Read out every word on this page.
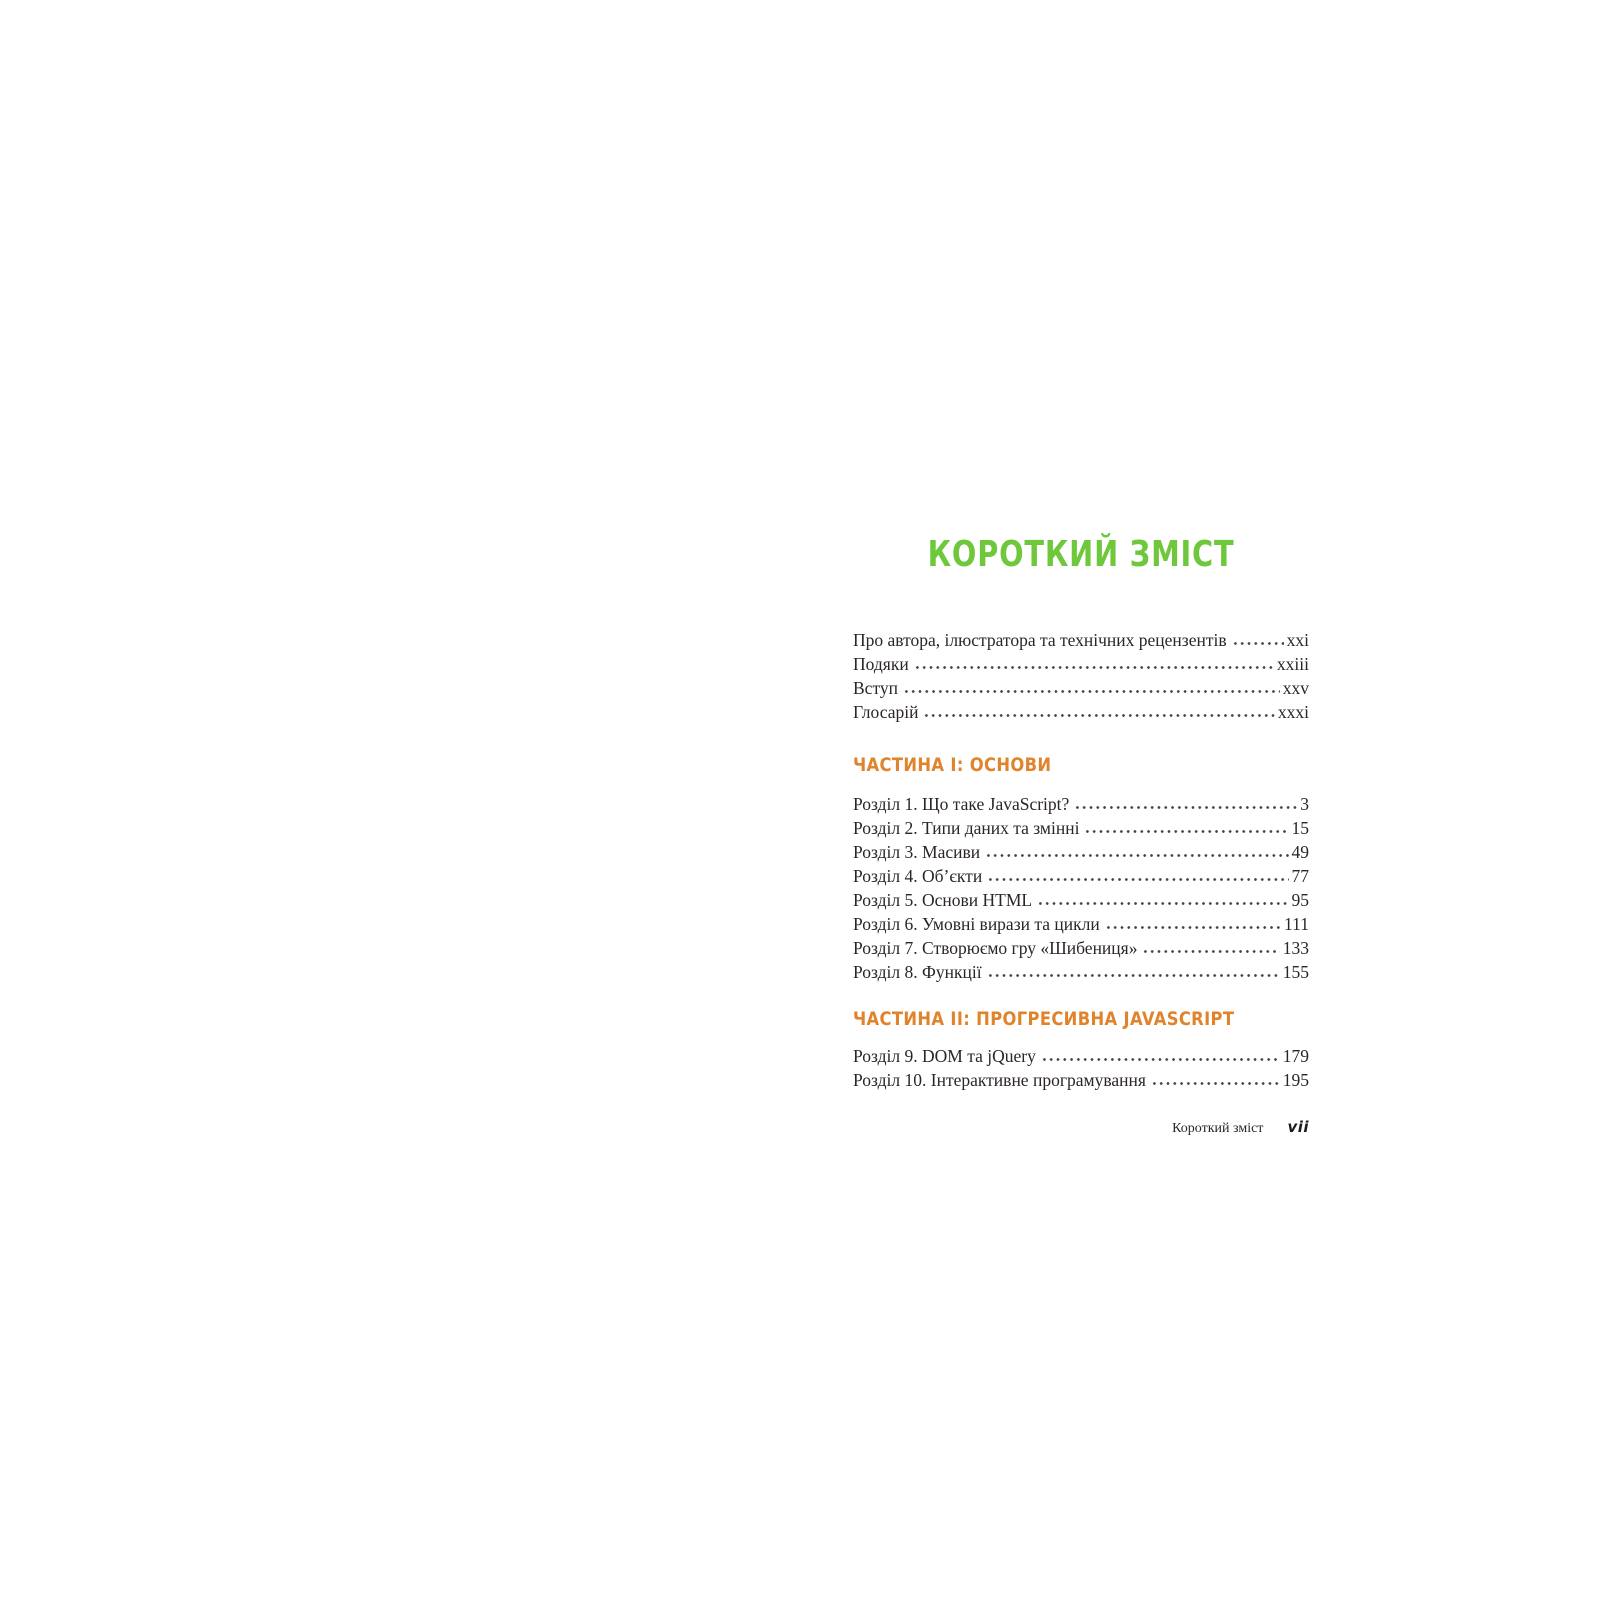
КОРОТКИЙ ЗМІСТ
Про автора, ілюстратора та технічних рецензентів	xxi
Подяки	xxiii
Вступ	xxv
Глосарій	xxxi
ЧАСТИНА I: ОСНОВИ
Розділ 1. Що таке JavaScript?	3
Розділ 2. Типи даних та змінні	15
Розділ 3. Масиви	49
Розділ 4. Об’єкти	77
Розділ 5. Основи HTML	95
Розділ 6. Умовні вирази та цикли	111
Розділ 7. Створюємо гру «Шибениця»	133
Розділ 8. Функції	155
ЧАСТИНА II: ПРОГРЕСИВНА JAVASCRIPT
Розділ 9. DOM та jQuery	179
Розділ 10. Інтерактивне програмування	195
Короткий зміст vii
